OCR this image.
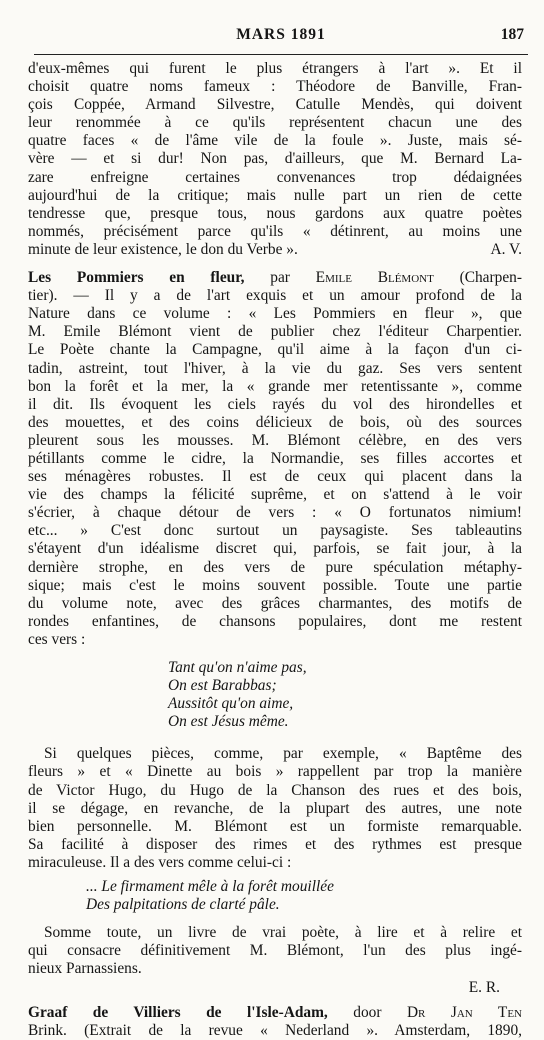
MARS 1891	187
d'eux-mêmes qui furent le plus étrangers à l'art ». Et il
choisit quatre noms fameux : Théodore de Banville, Fran-
çois Coppée, Armand Silvestre, Catulle Mendès, qui doivent
leur renommée à ce qu'ils représentent chacun une des
quatre faces « de l'âme vile de la foule ». Juste, mais sé-
vère — et si dur! Non pas, d'ailleurs, que M. Bernard La-
zare enfreigne certaines convenances trop dédaignées
aujourd'hui de la critique; mais nulle part un rien de cette
tendresse que, presque tous, nous gardons aux quatre poètes
nommés, précisément parce qu'ils « détinrent, au moins une
minute de leur existence, le don du Verbe ».	A. V.
Les Pommiers en fleur, par Emile Blémont (Charpen-
tier). — Il y a de l'art exquis et un amour profond de la
Nature dans ce volume : « Les Pommiers en fleur », que
M. Emile Blémont vient de publier chez l'éditeur Charpentier.
Le Poète chante la Campagne, qu'il aime à la façon d'un ci-
tadin, astreint, tout l'hiver, à la vie du gaz. Ses vers sentent
bon la forêt et la mer, la « grande mer retentissante », comme
il dit. Ils évoquent les ciels rayés du vol des hirondelles et
des mouettes, et des coins délicieux de bois, où des sources
pleurent sous les mousses. M. Blémont célèbre, en des vers
pétillants comme le cidre, la Normandie, ses filles accortes et
ses ménagères robustes. Il est de ceux qui placent dans la
vie des champs la félicité suprême, et on s'attend à le voir
s'écrier, à chaque détour de vers : « O fortunatos nimium!
etc... » C'est donc surtout un paysagiste. Ses tableautins
s'étayent d'un idéalisme discret qui, parfois, se fait jour, à la
dernière strophe, en des vers de pure spéculation métaphy-
sique; mais c'est le moins souvent possible. Toute une partie
du volume note, avec des grâces charmantes, des motifs de
rondes enfantines, de chansons populaires, dont me restent
ces vers :
Tant qu'on n'aime pas,
On est Barabbas;
Aussitôt qu'on aime,
On est Jésus même.
Si quelques pièces, comme, par exemple, « Baptême des
fleurs » et « Dinette au bois » rappellent par trop la manière
de Victor Hugo, du Hugo de la Chanson des rues et des bois,
il se dégage, en revanche, de la plupart des autres, une note
bien personnelle. M. Blémont est un formiste remarquable.
Sa facilité à disposer des rimes et des rythmes est presque
miraculeuse. Il a des vers comme celui-ci :
... Le firmament mêle à la forêt mouillée
Des palpitations de clarté pâle.
Somme toute, un livre de vrai poète, à lire et à relire et
qui consacre définitivement M. Blémont, l'un des plus ingé-
nieux Parnassiens.
E. R.
Graaf de Villiers de l'Isle-Adam, door Dr Jan Ten
Brink. (Extrait de la revue « Nederland ». Amsterdam, 1890,
